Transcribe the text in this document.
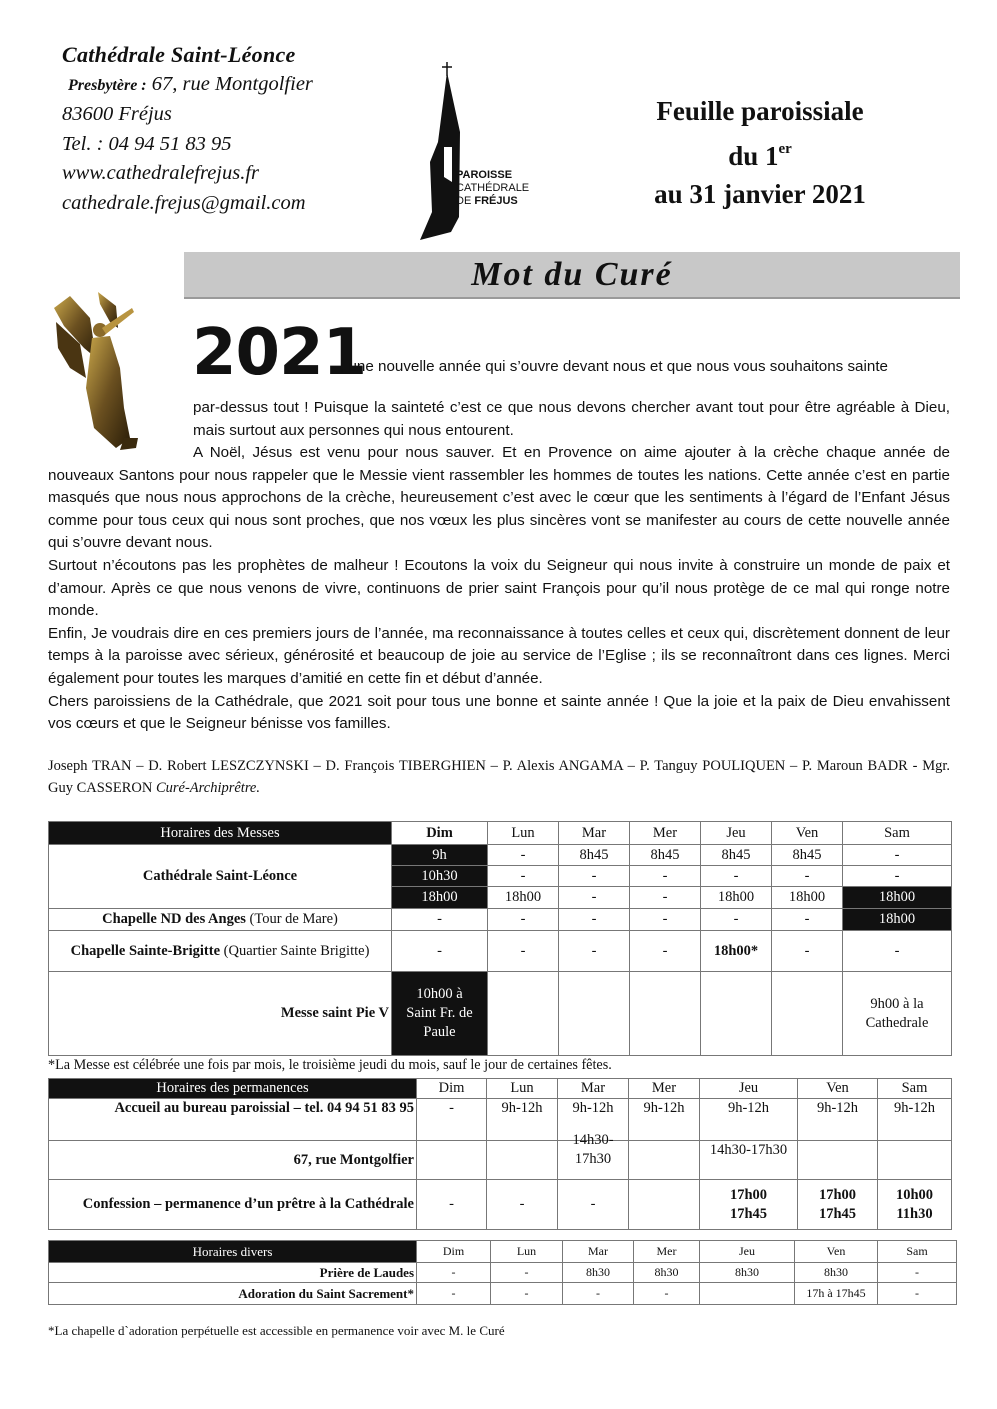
Cathédrale Saint-Léonce
Presbytère : 67, rue Montgolfier
83600 Fréjus
Tel. : 04 94 51 83 95
www.cathedralefrejus.fr
cathedrale.frejus@gmail.com
PAROISSE
CATHÉDRALE
DE FRÉJUS
Feuille paroissiale
du 1er
au 31 janvier 2021
Mot du Curé
2021
, une nouvelle année qui s’ouvre devant nous et que nous vous souhaitons sainte
par-dessus tout ! Puisque la sainteté c’est ce que nous devons chercher avant tout pour être agréable à Dieu, mais surtout aux personnes qui nous entourent.

A Noël, Jésus est venu pour nous sauver. Et en Provence on aime ajouter à la crèche chaque année de nouveaux Santons pour nous rappeler que le Messie vient rassembler les hommes de toutes les nations. Cette année c’est en partie masqués que nous nous approchons de la crèche, heureusement c’est avec le cœur que les sentiments à l’égard de l’Enfant Jésus comme pour tous ceux qui nous sont proches, que nos vœux les plus sincères vont se manifester au cours de cette nouvelle année qui s’ouvre devant nous.

Surtout n’écoutons pas les prophètes de malheur ! Ecoutons la voix du Seigneur qui nous invite à construire un monde de paix et d’amour. Après ce que nous venons de vivre, continuons de prier saint François pour qu’il nous protège de ce mal qui ronge notre monde.

Enfin, Je voudrais dire en ces premiers jours de l’année, ma reconnaissance à toutes celles et ceux qui, discrètement donnent de leur temps à la paroisse avec sérieux, générosité et beaucoup de joie au service de l’Eglise ; ils se reconnaîtront dans ces lignes. Merci également pour toutes les marques d’amitié en cette fin et début d’année.

Chers paroissiens de la Cathédrale, que 2021 soit pour tous une bonne et sainte année ! Que la joie et la paix de Dieu envahissent vos cœurs et que le Seigneur bénisse vos familles.

Joseph TRAN – D. Robert LESZCZYNSKI – D. François TIBERGHIEN – P. Alexis ANGAMA – P. Tanguy POULIQUEN – P. Maroun BADR - Mgr. Guy CASSERON Curé-Archiprêtre.
Horaires des Messes	Dim	Lun	Mar	Mer	Jeu	Ven	Sam
Cathédrale Saint-Léonce	9h	-	8h45	8h45	8h45	8h45	-
	10h30	-	-	-	-	-	-
	18h00	18h00	-	-	18h00	18h00	18h00
Chapelle ND des Anges (Tour de Mare)	-	-	-	-	-	-	18h00
Chapelle Sainte-Brigitte (Quartier Sainte Brigitte)	-	-	-	-	18h00*	-	-
Messe saint Pie V	10h00 à Saint Fr. de Paule						9h00 à la Cathedrale
*La Messe est célébrée une fois par mois, le troisième jeudi du mois, sauf le jour de certaines fêtes.
Horaires des permanences	Dim	Lun	Mar	Mer	Jeu	Ven	Sam
Accueil au bureau paroissial – tel. 04 94 51 83 95	-	9h-12h	9h-12h	9h-12h	9h-12h	9h-12h	9h-12h
67, rue Montgolfier			14h30-17h30		14h30-17h30		
Confession – permanence d’un prêtre à la Cathédrale	-	-	-		17h00 17h45	17h00 17h45	10h00 11h30
Horaires divers	Dim	Lun	Mar	Mer	Jeu	Ven	Sam
Prière de Laudes	-	-	8h30	8h30	8h30	8h30	-
Adoration du Saint Sacrement*	-	-	-	-		17h à 17h45	-
*La chapelle d`adoration perpétuelle est accessible en permanence voir avec M. le Curé
